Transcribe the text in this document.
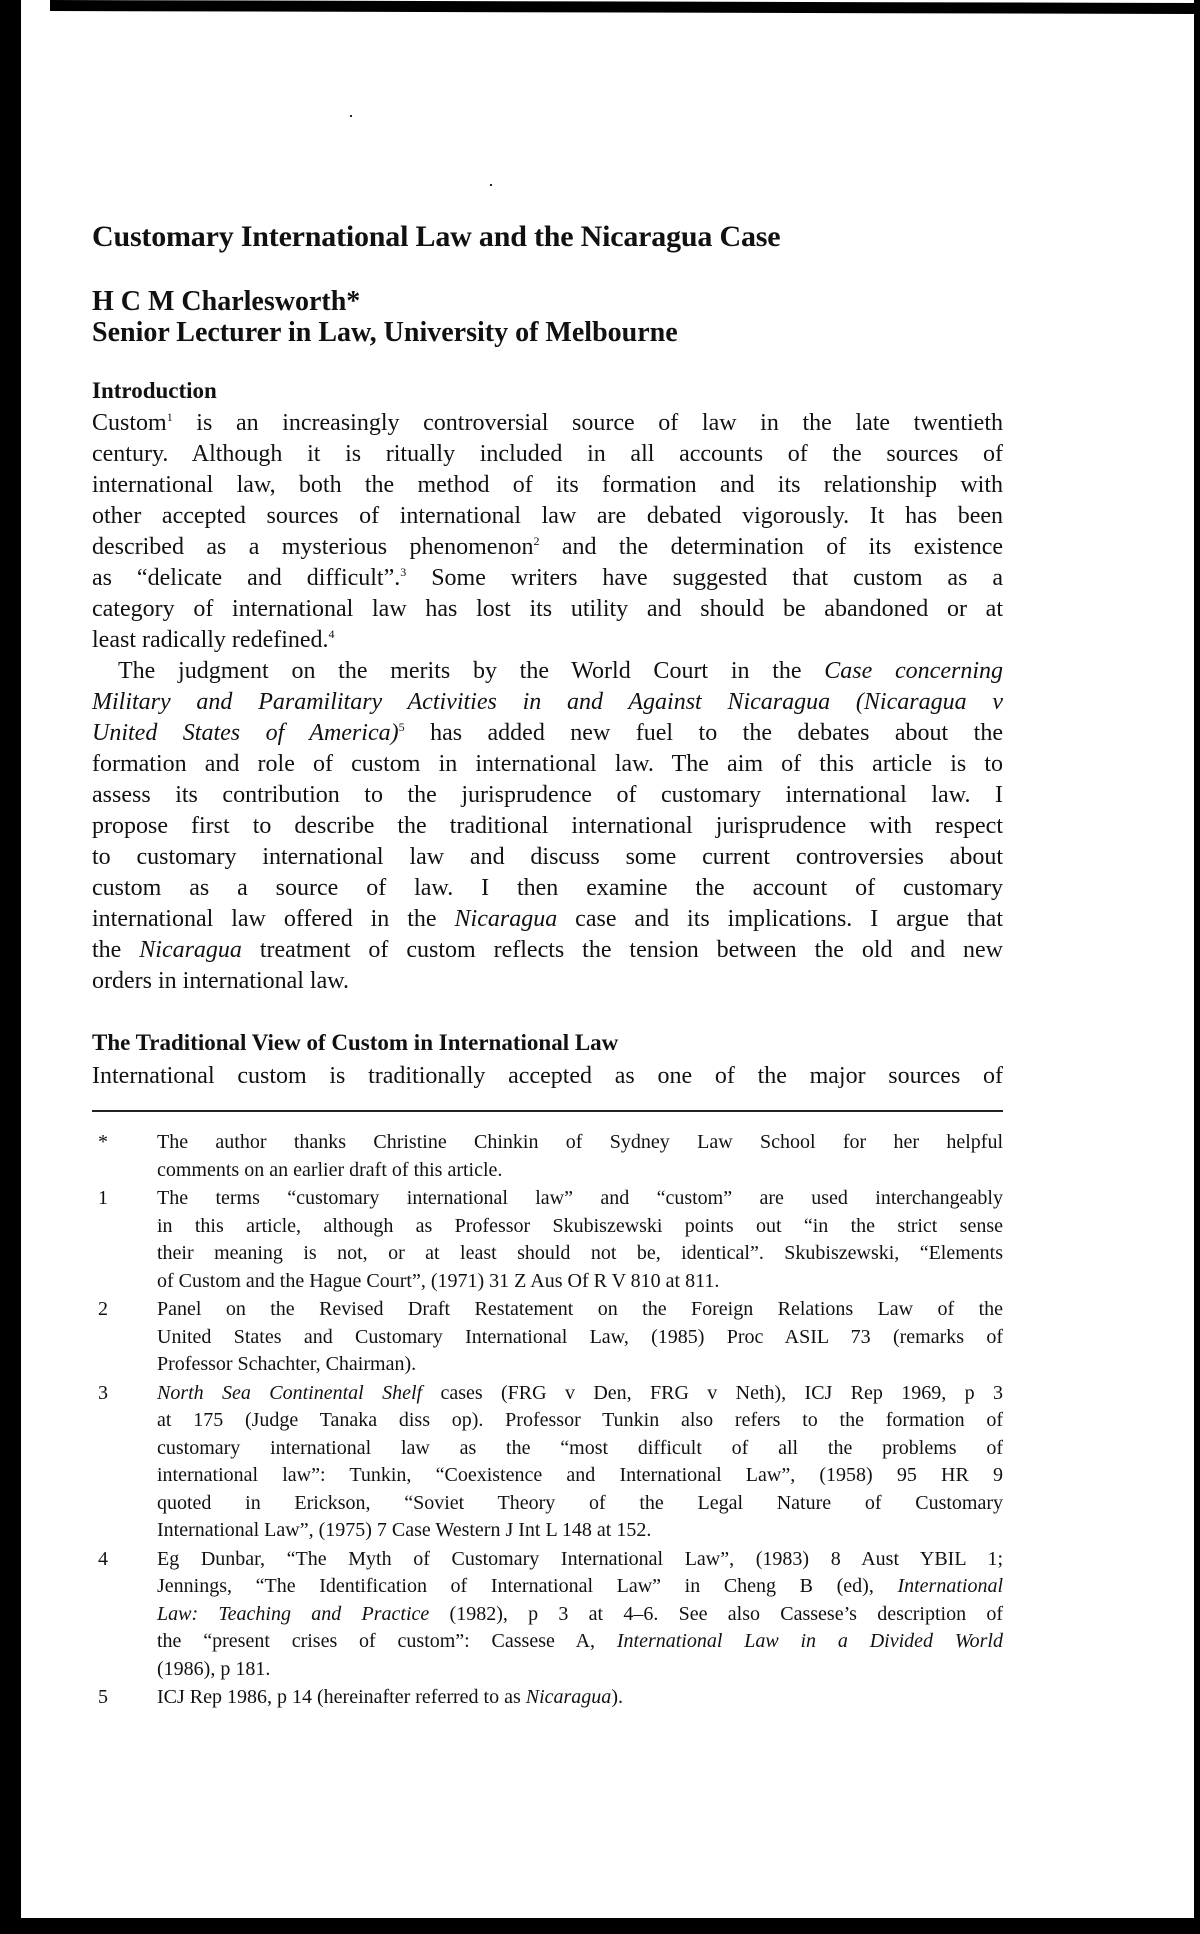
Customary International Law and the Nicaragua Case
H C M Charlesworth*
Senior Lecturer in Law, University of Melbourne
Introduction
Custom$^1$ is an increasingly controversial source of law in the late twentieth
century. Although it is ritually included in all accounts of the sources of
international law, both the method of its formation and its relationship with
other accepted sources of international law are debated vigorously. It has been
described as a mysterious phenomenon$^2$ and the determination of its existence
as “delicate and difficult”.$^3$ Some writers have suggested that custom as a
category of international law has lost its utility and should be abandoned or at
least radically redefined.$^4$
The judgment on the merits by the World Court in the Case concerning
Military and Paramilitary Activities in and Against Nicaragua (Nicaragua v
United States of America)$^5$ has added new fuel to the debates about the
formation and role of custom in international law. The aim of this article is to
assess its contribution to the jurisprudence of customary international law. I
propose first to describe the traditional international jurisprudence with respect
to customary international law and discuss some current controversies about
custom as a source of law. I then examine the account of customary
international law offered in the Nicaragua case and its implications. I argue that
the Nicaragua treatment of custom reflects the tension between the old and new
orders in international law.
The Traditional View of Custom in International Law
International custom is traditionally accepted as one of the major sources of
* The author thanks Christine Chinkin of Sydney Law School for her helpful
comments on an earlier draft of this article.
1 The terms “customary international law” and “custom” are used interchangeably
in this article, although as Professor Skubiszewski points out “in the strict sense
their meaning is not, or at least should not be, identical”. Skubiszewski, “Elements
of Custom and the Hague Court”, (1971) 31 Z Aus Of R V 810 at 811.
2 Panel on the Revised Draft Restatement on the Foreign Relations Law of the
United States and Customary International Law, (1985) Proc ASIL 73 (remarks of
Professor Schachter, Chairman).
3 North Sea Continental Shelf cases (FRG v Den, FRG v Neth), ICJ Rep 1969, p 3
at 175 (Judge Tanaka diss op). Professor Tunkin also refers to the formation of
customary international law as the “most difficult of all the problems of
international law”: Tunkin, “Coexistence and International Law”, (1958) 95 HR 9
quoted in Erickson, “Soviet Theory of the Legal Nature of Customary
International Law”, (1975) 7 Case Western J Int L 148 at 152.
4 Eg Dunbar, “The Myth of Customary International Law”, (1983) 8 Aust YBIL 1;
Jennings, “The Identification of International Law” in Cheng B (ed), International
Law: Teaching and Practice (1982), p 3 at 4–6. See also Cassese’s description of
the “present crises of custom”: Cassese A, International Law in a Divided World
(1986), p 181.
5 ICJ Rep 1986, p 14 (hereinafter referred to as Nicaragua).
